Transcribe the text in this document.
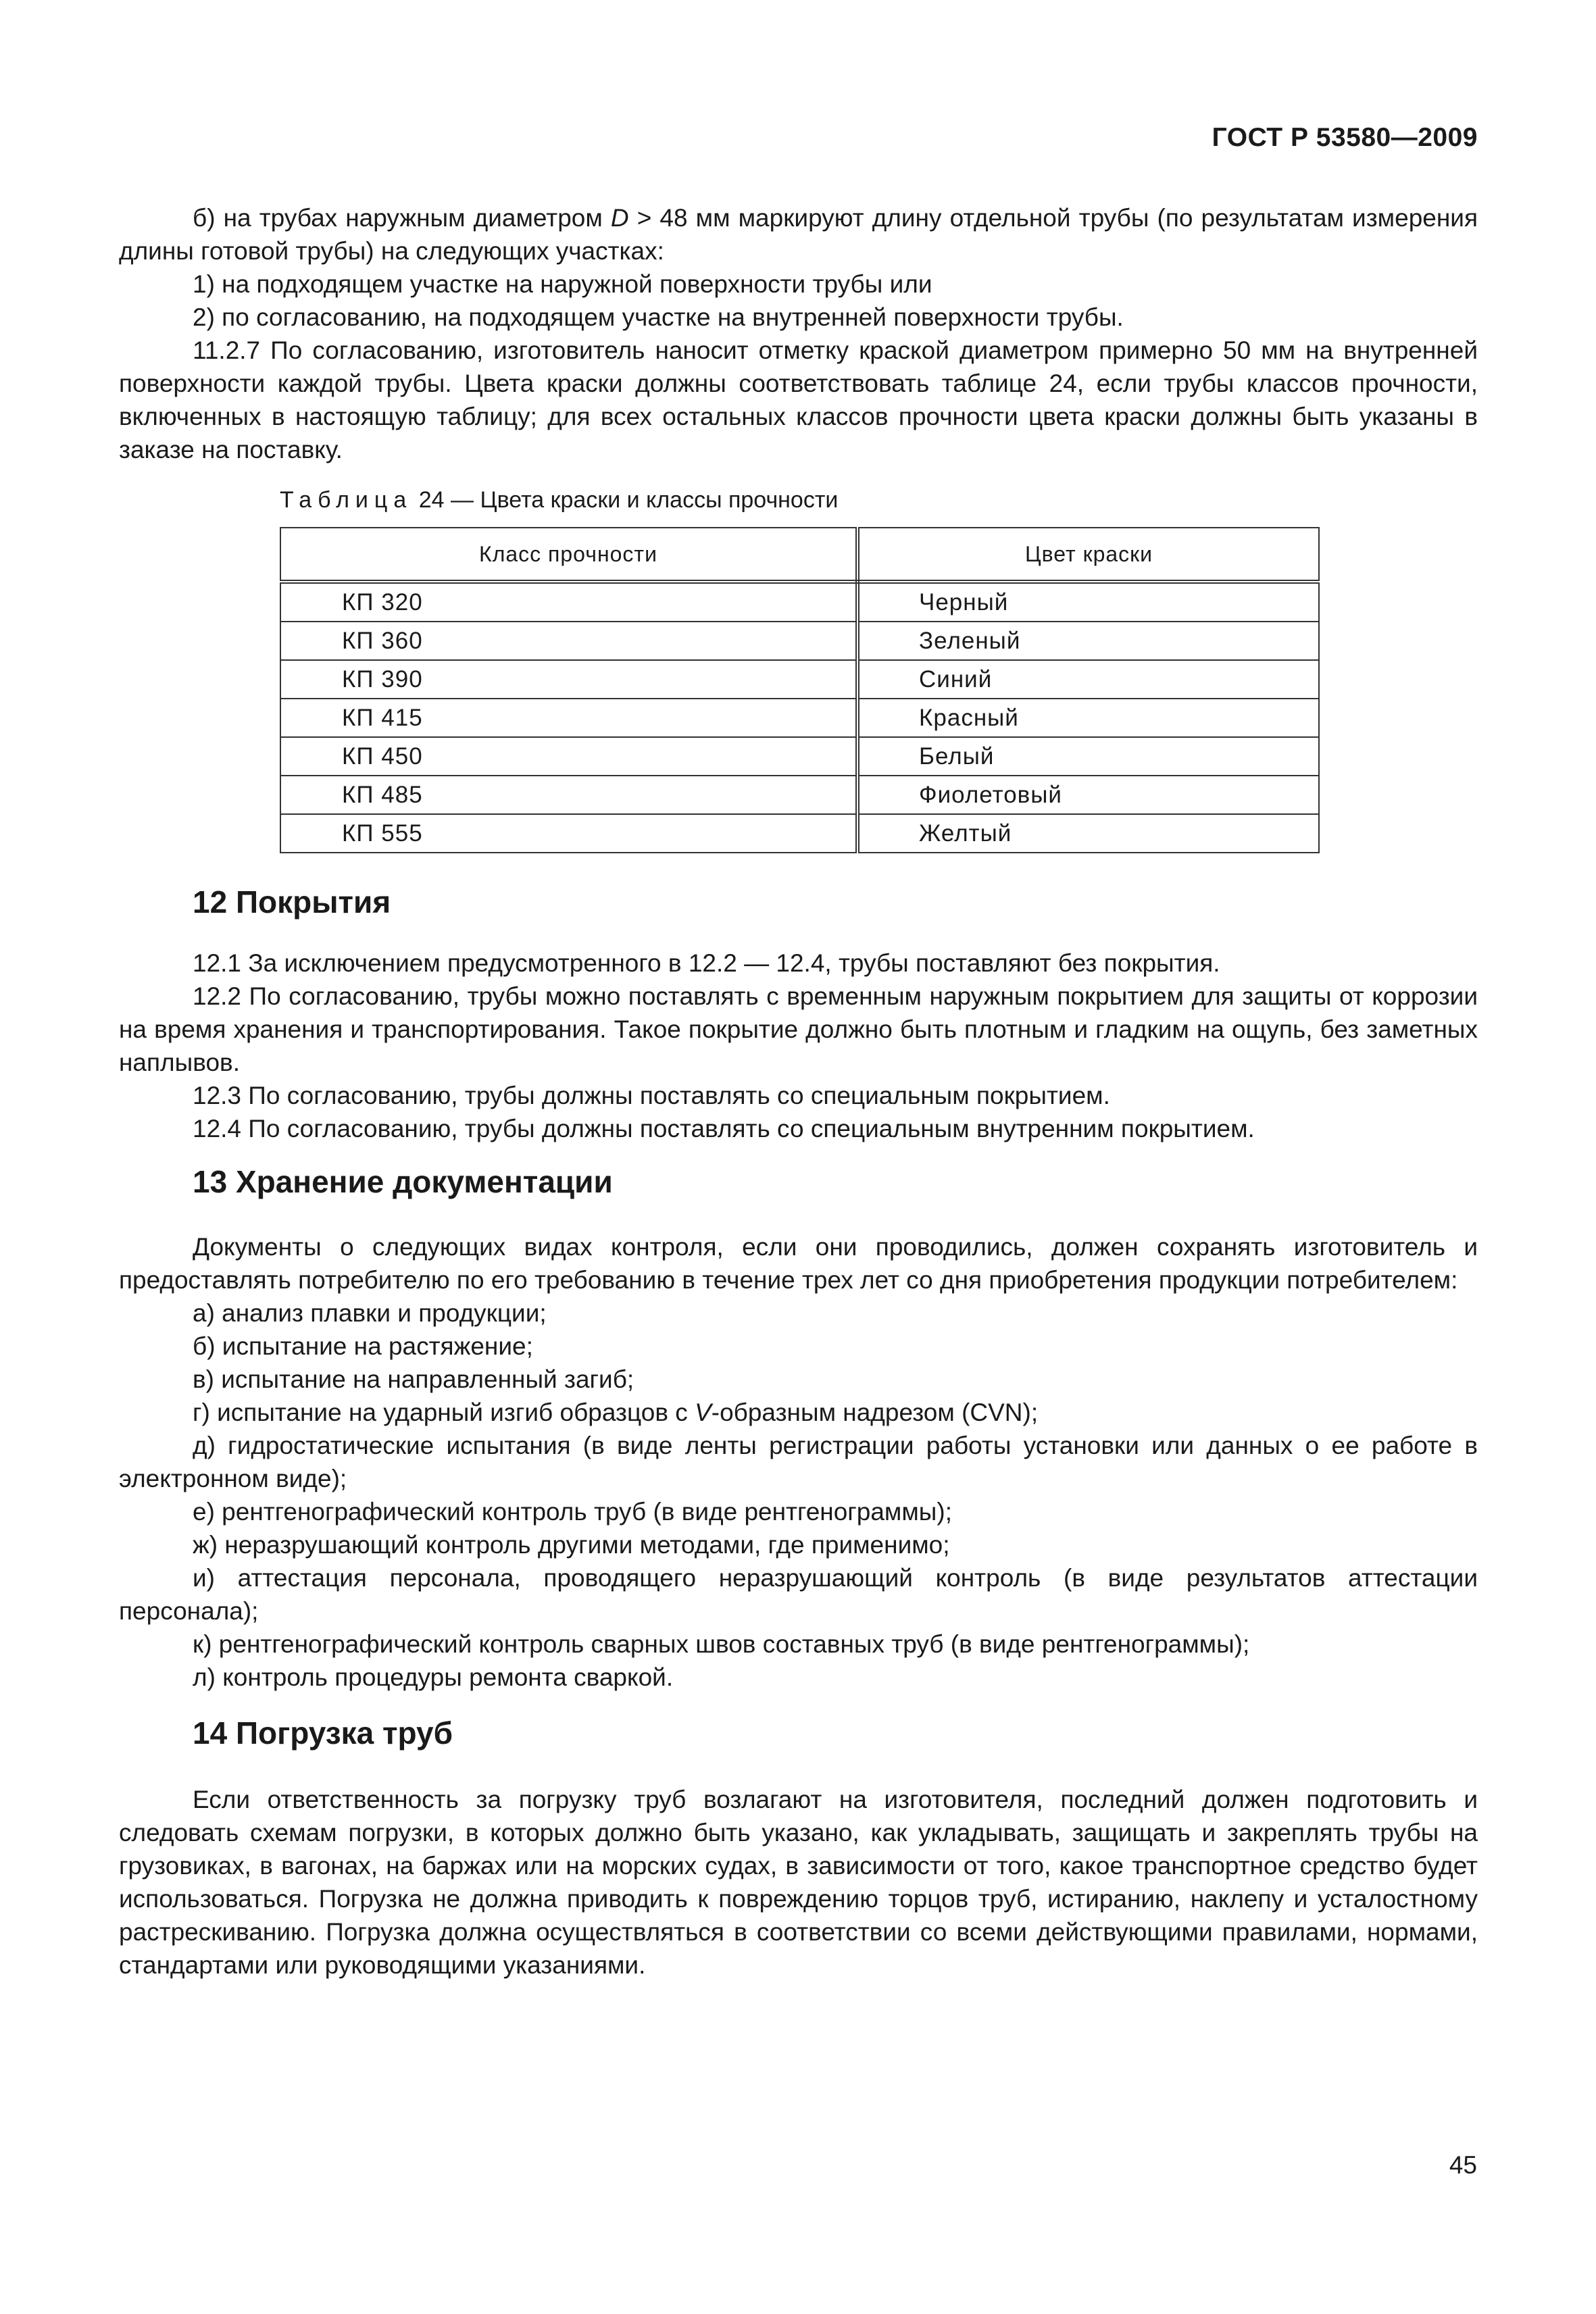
ГОСТ Р 53580—2009

б) на трубах наружным диаметром D > 48 мм маркируют длину отдельной трубы (по результатам измерения длины готовой трубы) на следующих участках:

1) на подходящем участке на наружной поверхности трубы или

2) по согласованию, на подходящем участке на внутренней поверхности трубы.

11.2.7 По согласованию, изготовитель наносит отметку краской диаметром примерно 50 мм на внутренней поверхности каждой трубы. Цвета краски должны соответствовать таблице 24, если трубы классов прочности, включенных в настоящую таблицу; для всех остальных классов прочности цвета краски должны быть указаны в заказе на поставку.

Таблица 24 — Цвета краски и классы прочности
Класс прочности	Цвет краски
КП 320	Черный
КП 360	Зеленый
КП 390	Синий
КП 415	Красный
КП 450	Белый
КП 485	Фиолетовый
КП 555	Желтый
12 Покрытия

12.1 За исключением предусмотренного в 12.2 — 12.4, трубы поставляют без покрытия.

12.2 По согласованию, трубы можно поставлять с временным наружным покрытием для защиты от коррозии на время хранения и транспортирования. Такое покрытие должно быть плотным и гладким на ощупь, без заметных наплывов.

12.3 По согласованию, трубы должны поставлять со специальным покрытием.

12.4 По согласованию, трубы должны поставлять со специальным внутренним покрытием.

13 Хранение документации

Документы о следующих видах контроля, если они проводились, должен сохранять изготовитель и предоставлять потребителю по его требованию в течение трех лет со дня приобретения продукции потребителем:

а) анализ плавки и продукции;

б) испытание на растяжение;

в) испытание на направленный загиб;

г) испытание на ударный изгиб образцов с V-образным надрезом (CVN);

д) гидростатические испытания (в виде ленты регистрации работы установки или данных о ее работе в электронном виде);

е) рентгенографический контроль труб (в виде рентгенограммы);

ж) неразрушающий контроль другими методами, где применимо;

и) аттестация персонала, проводящего неразрушающий контроль (в виде результатов аттестации персонала);

к) рентгенографический контроль сварных швов составных труб (в виде рентгенограммы);

л) контроль процедуры ремонта сваркой.

14 Погрузка труб

Если ответственность за погрузку труб возлагают на изготовителя, последний должен подготовить и следовать схемам погрузки, в которых должно быть указано, как укладывать, защищать и закреплять трубы на грузовиках, в вагонах, на баржах или на морских судах, в зависимости от того, какое транспортное средство будет использоваться. Погрузка не должна приводить к повреждению торцов труб, истиранию, наклепу и усталостному растрескиванию. Погрузка должна осуществляться в соответствии со всеми действующими правилами, нормами, стандартами или руководящими указаниями.

45
